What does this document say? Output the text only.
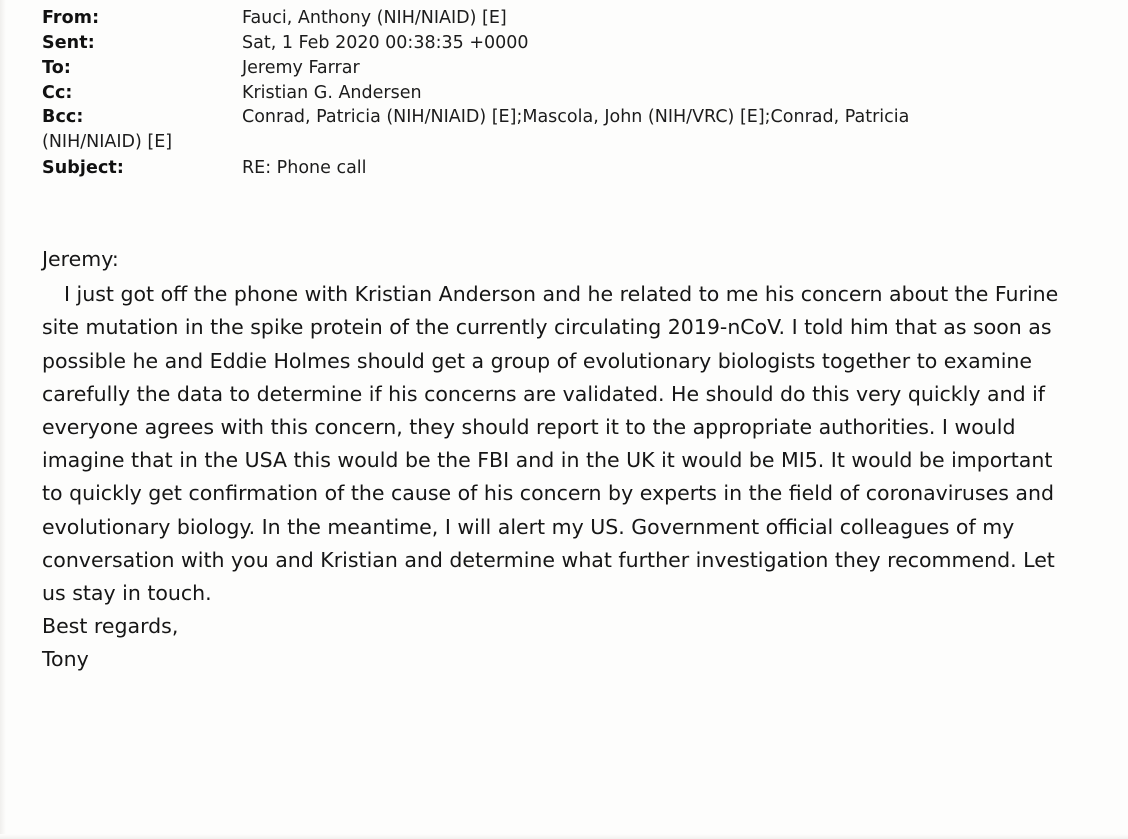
From:	Fauci, Anthony (NIH/NIAID) [E]
Sent:	Sat, 1 Feb 2020 00:38:35 +0000
To:	Jeremy Farrar
Cc:	Kristian G. Andersen
Bcc:	Conrad, Patricia (NIH/NIAID) [E];Mascola, John (NIH/VRC) [E];Conrad, Patricia
(NIH/NIAID) [E]
Subject:	RE: Phone call

Jeremy:

I just got off the phone with Kristian Anderson and he related to me his concern about the Furine site mutation in the spike protein of the currently circulating 2019-nCoV. I told him that as soon as possible he and Eddie Holmes should get a group of evolutionary biologists together to examine carefully the data to determine if his concerns are validated. He should do this very quickly and if everyone agrees with this concern, they should report it to the appropriate authorities. I would imagine that in the USA this would be the FBI and in the UK it would be MI5. It would be important to quickly get confirmation of the cause of his concern by experts in the field of coronaviruses and evolutionary biology. In the meantime, I will alert my US. Government official colleagues of my conversation with you and Kristian and determine what further investigation they recommend. Let us stay in touch.

Best regards,

Tony
